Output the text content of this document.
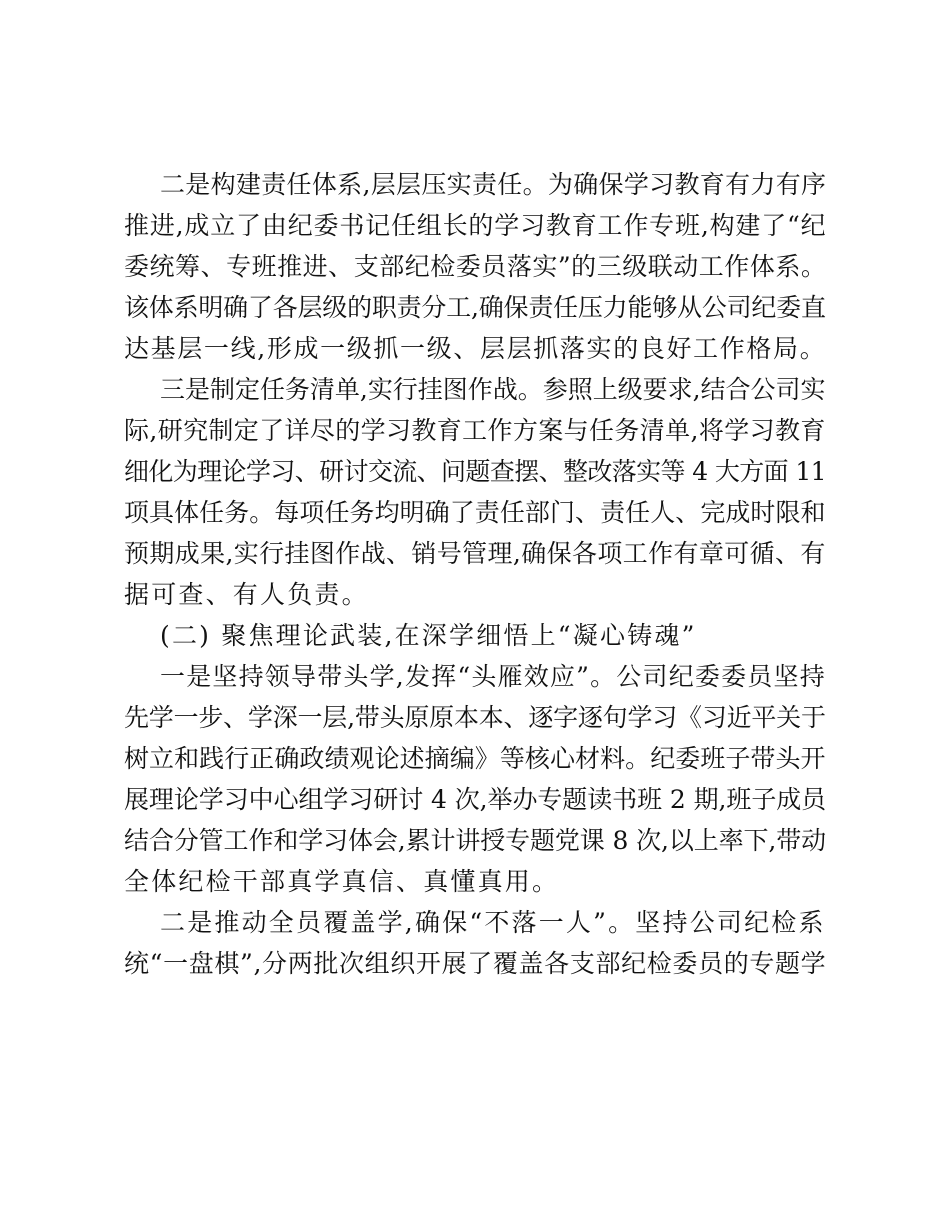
二是构建责任体系,层层压实责任。为确保学习教育有力有序
推进,成立了由纪委书记任组长的学习教育工作专班,构建了“纪
委统筹、专班推进、支部纪检委员落实”的三级联动工作体系。
该体系明确了各层级的职责分工,确保责任压力能够从公司纪委直
达基层一线,形成一级抓一级、层层抓落实的良好工作格局。
三是制定任务清单,实行挂图作战。参照上级要求,结合公司实
际,研究制定了详尽的学习教育工作方案与任务清单,将学习教育
细化为理论学习、研讨交流、问题查摆、整改落实等 4 大方面 11
项具体任务。每项任务均明确了责任部门、责任人、完成时限和
预期成果,实行挂图作战、销号管理,确保各项工作有章可循、有
据可查、有人负责。
(二) 聚焦理论武装,在深学细悟上“凝心铸魂”
一是坚持领导带头学,发挥“头雁效应”。公司纪委委员坚持
先学一步、学深一层,带头原原本本、逐字逐句学习《习近平关于
树立和践行正确政绩观论述摘编》等核心材料。纪委班子带头开
展理论学习中心组学习研讨 4 次,举办专题读书班 2 期,班子成员
结合分管工作和学习体会,累计讲授专题党课 8 次,以上率下,带动
全体纪检干部真学真信、真懂真用。
二是推动全员覆盖学,确保“不落一人”。坚持公司纪检系
统“一盘棋”,分两批次组织开展了覆盖各支部纪检委员的专题学
